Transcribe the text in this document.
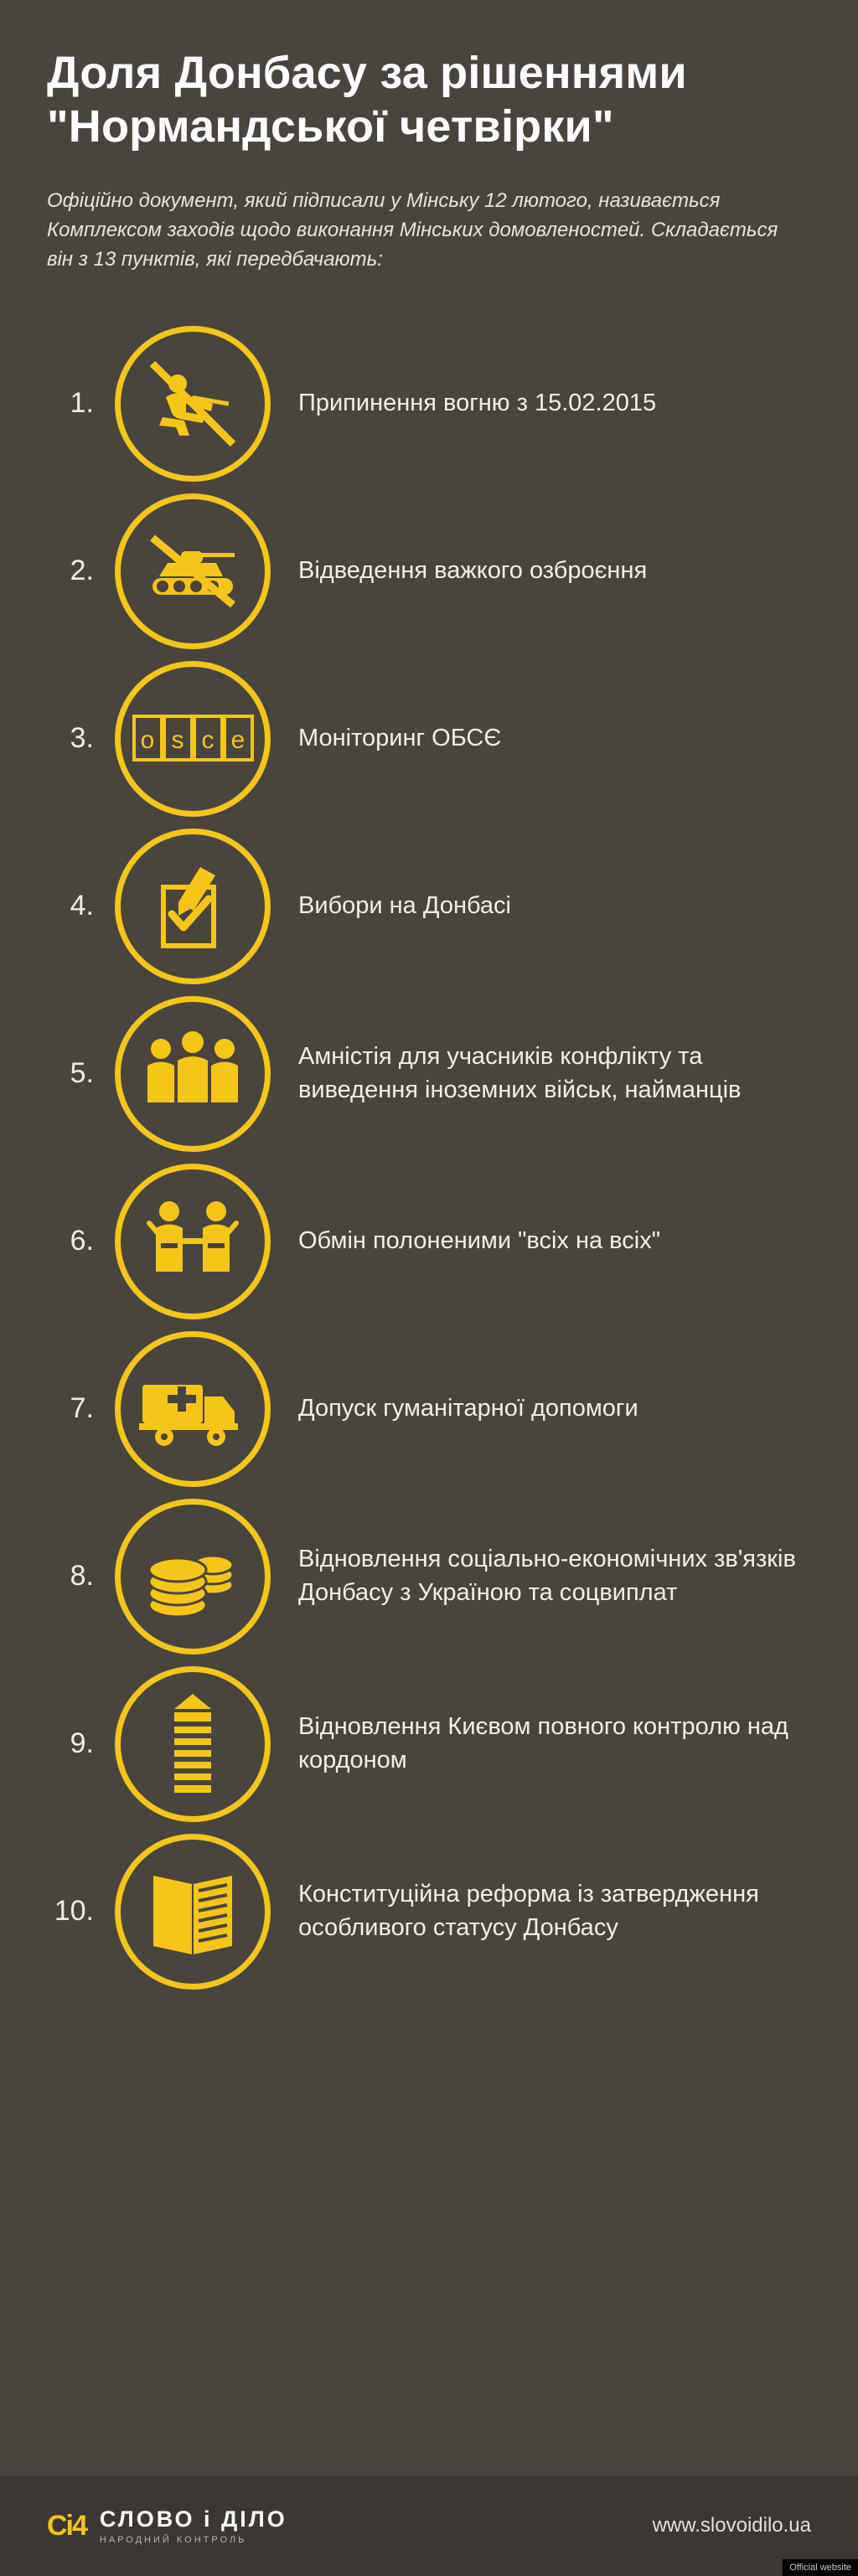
Доля Донбасу за рішеннями
"Нормандської четвірки"

Офіційно документ, який підписали у Мінську 12 лютого, називається Комплексом заходів щодо виконання Мінських домовленостей. Складається він з 13 пунктів, які передбачають:

1.	Припинення вогню з 15.02.2015
2.	Відведення важкого озброєння
3.	o s c e	Моніторинг ОБСЄ
4.	Вибори на Донбасі
5.
Амністія для учасників конфлікту та виведення іноземних військ, найманців
6.	Обмін полоненими "всіх на всіх"
7.	Допуск гуманітарної допомоги
8.
Відновлення соціально-економічних зв'язків Донбасу з Україною та соцвиплат
9.
Відновлення Києвом повного контролю над кордоном
10.
Конституційна реформа із затвердження особливого статусу Донбасу
Ci4 СЛОВО і ДІЛО
НАРОДНИЙ КОНТРОЛЬ
www.slovoidilo.ua
Official website
